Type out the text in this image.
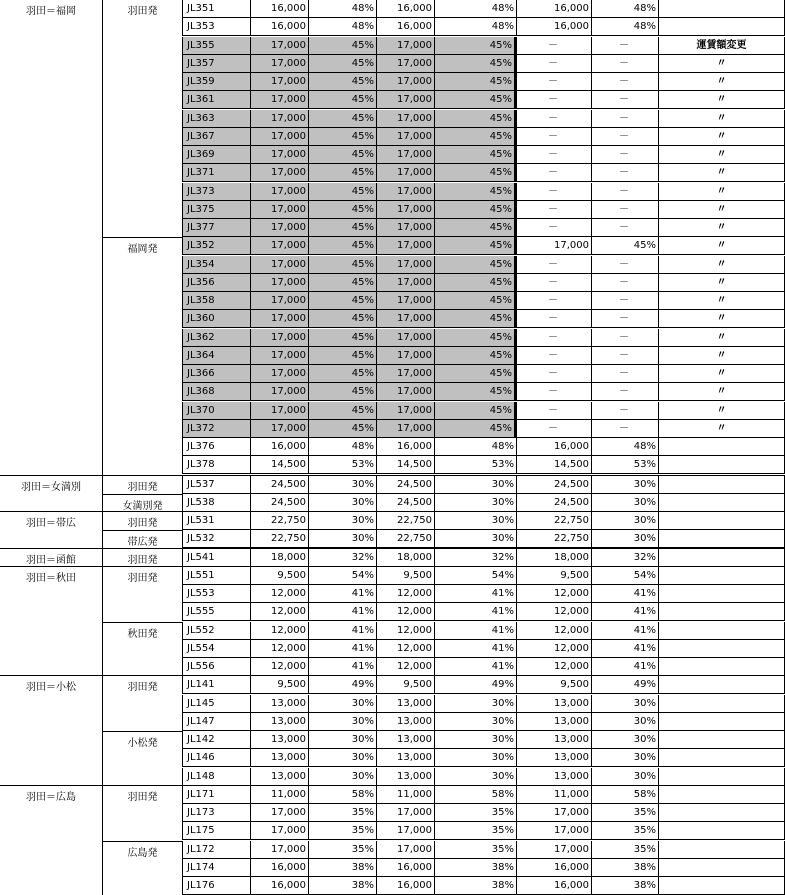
羽田＝福岡	羽田発	JL351	16,000	48%	16,000	48%	16,000	48%
JL353	16,000	48%	16,000	48%	16,000	48%
JL355	17,000	45%	17,000	45%	－	－	運賃額変更
JL357	17,000	45%	17,000	45%	－	－	〃
JL359	17,000	45%	17,000	45%	－	－	〃
JL361	17,000	45%	17,000	45%	－	－	〃
JL363	17,000	45%	17,000	45%	－	－	〃
JL367	17,000	45%	17,000	45%	－	－	〃
JL369	17,000	45%	17,000	45%	－	－	〃
JL371	17,000	45%	17,000	45%	－	－	〃
JL373	17,000	45%	17,000	45%	－	－	〃
JL375	17,000	45%	17,000	45%	－	－	〃
JL377	17,000	45%	17,000	45%	－	－	〃
福岡発	JL352	17,000	45%	17,000	45%	17,000	45%	〃
JL354	17,000	45%	17,000	45%	－	－	〃
JL356	17,000	45%	17,000	45%	－	－	〃
JL358	17,000	45%	17,000	45%	－	－	〃
JL360	17,000	45%	17,000	45%	－	－	〃
JL362	17,000	45%	17,000	45%	－	－	〃
JL364	17,000	45%	17,000	45%	－	－	〃
JL366	17,000	45%	17,000	45%	－	－	〃
JL368	17,000	45%	17,000	45%	－	－	〃
JL370	17,000	45%	17,000	45%	－	－	〃
JL372	17,000	45%	17,000	45%	－	－	〃
JL376	16,000	48%	16,000	48%	16,000	48%
JL378	14,500	53%	14,500	53%	14,500	53%
羽田＝女満別	羽田発	JL537	24,500	30%	24,500	30%	24,500	30%
女満別発	JL538	24,500	30%	24,500	30%	24,500	30%
羽田＝帯広	羽田発	JL531	22,750	30%	22,750	30%	22,750	30%
帯広発	JL532	22,750	30%	22,750	30%	22,750	30%
羽田＝函館	羽田発	JL541	18,000	32%	18,000	32%	18,000	32%
羽田＝秋田	羽田発	JL551	9,500	54%	9,500	54%	9,500	54%
JL553	12,000	41%	12,000	41%	12,000	41%
JL555	12,000	41%	12,000	41%	12,000	41%
秋田発	JL552	12,000	41%	12,000	41%	12,000	41%
JL554	12,000	41%	12,000	41%	12,000	41%
JL556	12,000	41%	12,000	41%	12,000	41%
羽田＝小松	羽田発	JL141	9,500	49%	9,500	49%	9,500	49%
JL145	13,000	30%	13,000	30%	13,000	30%
JL147	13,000	30%	13,000	30%	13,000	30%
小松発	JL142	13,000	30%	13,000	30%	13,000	30%
JL146	13,000	30%	13,000	30%	13,000	30%
JL148	13,000	30%	13,000	30%	13,000	30%
羽田＝広島	羽田発	JL171	11,000	58%	11,000	58%	11,000	58%
JL173	17,000	35%	17,000	35%	17,000	35%
JL175	17,000	35%	17,000	35%	17,000	35%
広島発	JL172	17,000	35%	17,000	35%	17,000	35%
JL174	16,000	38%	16,000	38%	16,000	38%
JL176	16,000	38%	16,000	38%	16,000	38%
